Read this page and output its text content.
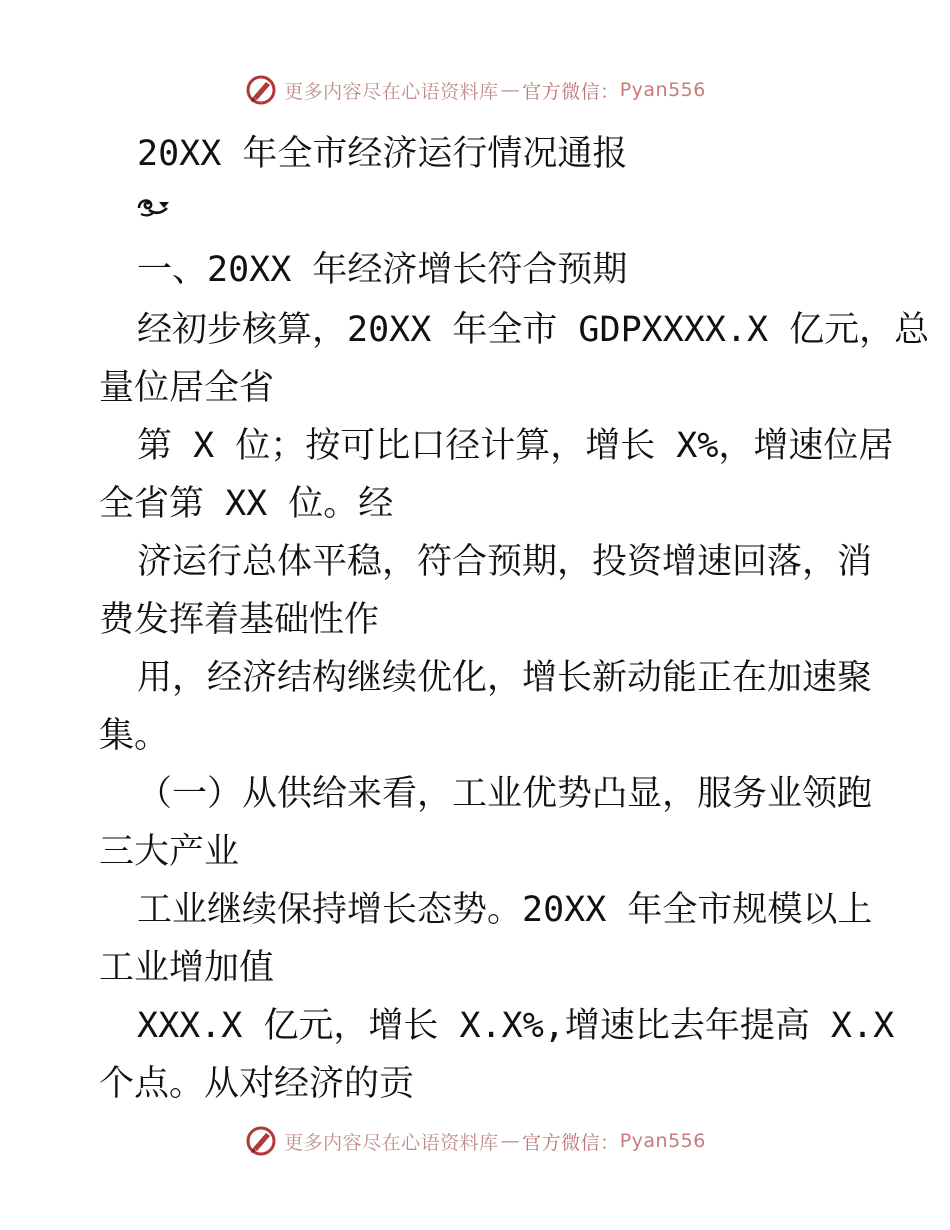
更多内容尽在心语资料库 — 官方微信： Pyan556
20XX 年全市经济运行情况通报
一、20XX 年经济增长符合预期
经初步核算，20XX 年全市 GDPXXXX.X 亿元，总
量位居全省
第 X 位；按可比口径计算，增长 X%，增速位居
全省第 XX 位。经
济运行总体平稳，符合预期，投资增速回落，消
费发挥着基础性作
用，经济结构继续优化，增长新动能正在加速聚
集。
（一）从供给来看，工业优势凸显，服务业领跑
三大产业
工业继续保持增长态势。20XX 年全市规模以上
工业增加值
XXX.X 亿元，增长 X.X%,增速比去年提高 X.X
个点。从对经济的贡
更多内容尽在心语资料库 — 官方微信： Pyan556
